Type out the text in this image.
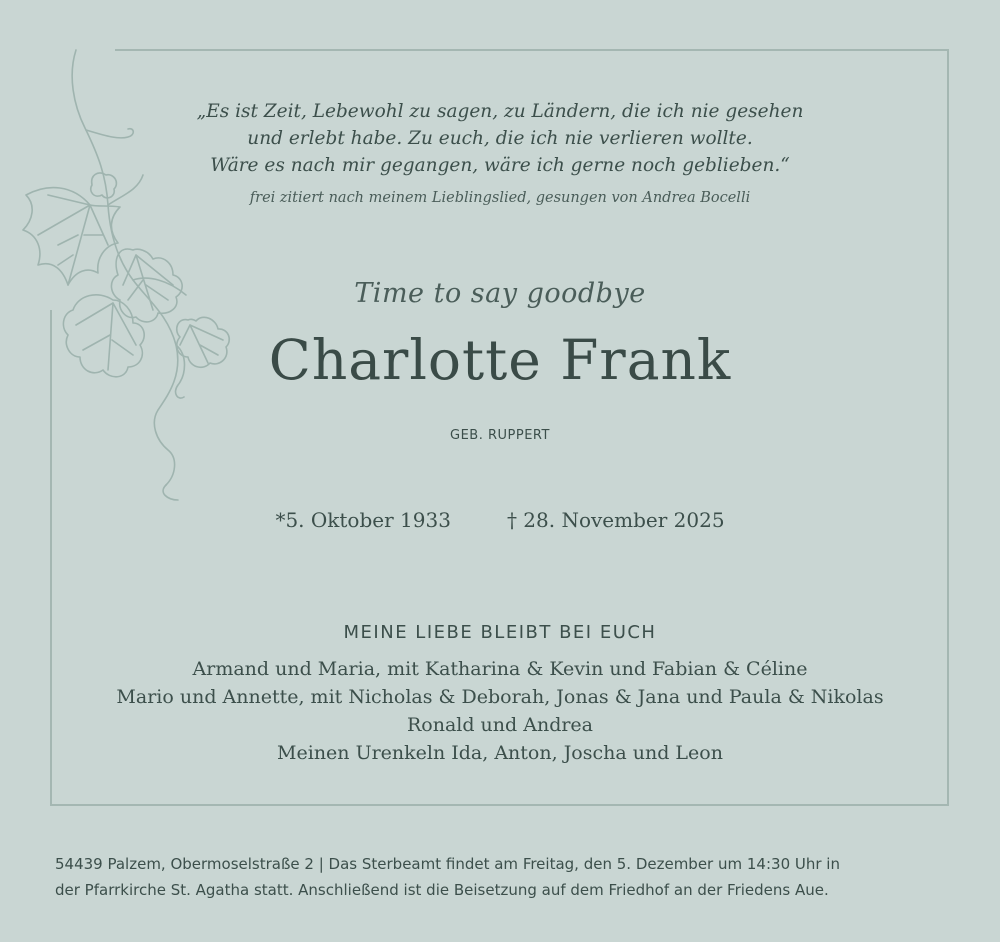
„Es ist Zeit, Lebewohl zu sagen, zu Ländern, die ich nie gesehen
und erlebt habe. Zu euch, die ich nie verlieren wollte.
Wäre es nach mir gegangen, wäre ich gerne noch geblieben.“
frei zitiert nach meinem Lieblingslied, gesungen von Andrea Bocelli
Time to say goodbye
Charlotte Frank
GEB. RUPPERT
*5. Oktober 1933	† 28. November 2025
MEINE LIEBE BLEIBT BEI EUCH
Armand und Maria, mit Katharina & Kevin und Fabian & Céline
Mario und Annette, mit Nicholas & Deborah, Jonas & Jana und Paula & Nikolas
Ronald und Andrea
Meinen Urenkeln Ida, Anton, Joscha und Leon
54439 Palzem, Obermoselstraße 2 | Das Sterbeamt findet am Freitag, den 5. Dezember um 14:30 Uhr in
der Pfarrkirche St. Agatha statt. Anschließend ist die Beisetzung auf dem Friedhof an der Friedens Aue.
